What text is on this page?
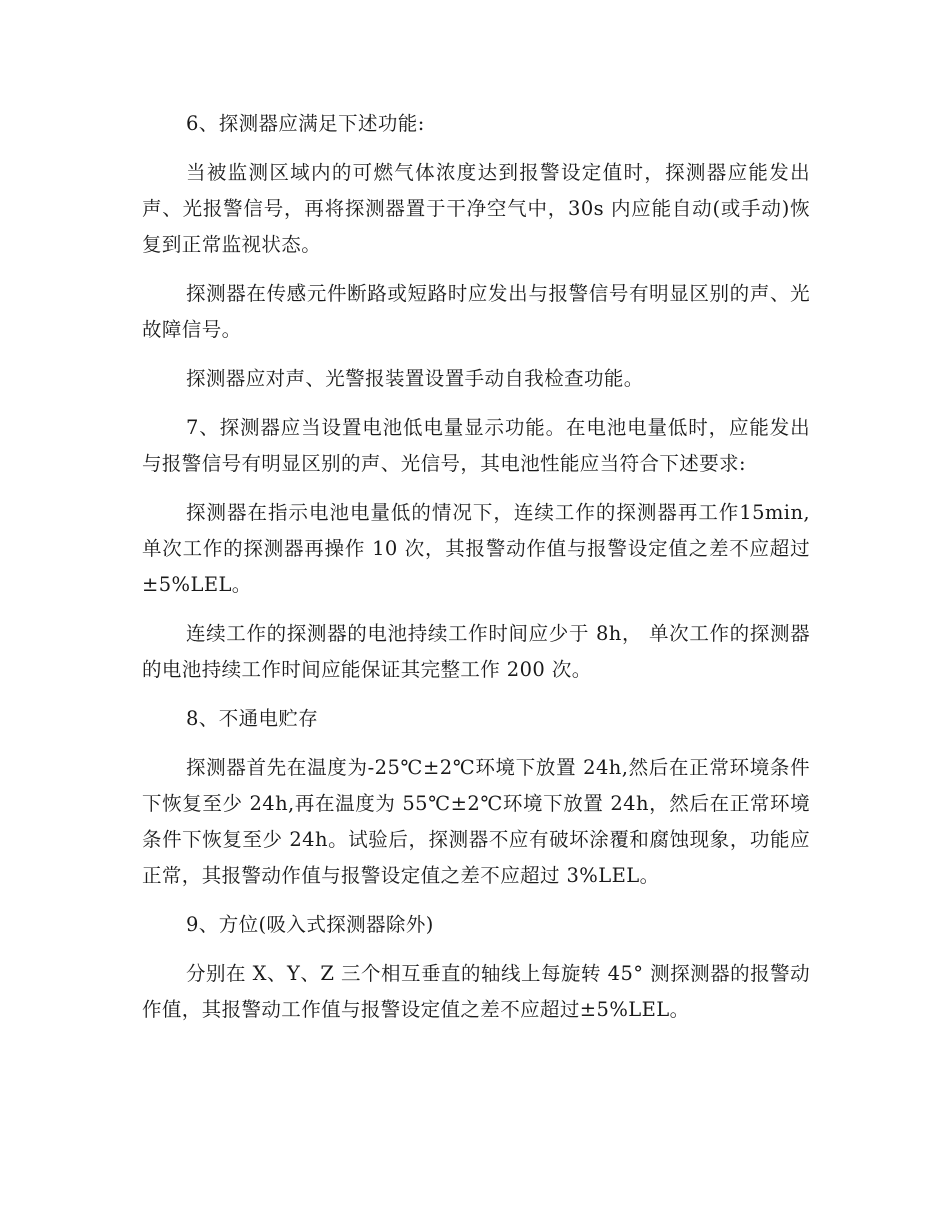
6、探测器应满足下述功能:

当被监测区域内的可燃气体浓度达到报警设定值时，探测器应能发出声、光报警信号，再将探测器置于干净空气中，30s 内应能自动(或手动)恢复到正常监视状态。

探测器在传感元件断路或短路时应发出与报警信号有明显区别的声、光故障信号。

探测器应对声、光警报装置设置手动自我检查功能。

7、探测器应当设置电池低电量显示功能。在电池电量低时，应能发出与报警信号有明显区别的声、光信号，其电池性能应当符合下述要求:

探测器在指示电池电量低的情况下，连续工作的探测器再工作15min,单次工作的探测器再操作 10 次，其报警动作值与报警设定值之差不应超过±5%LEL。

连续工作的探测器的电池持续工作时间应少于 8h， 单次工作的探测器的电池持续工作时间应能保证其完整工作 200 次。

8、不通电贮存

探测器首先在温度为-25℃±2℃环境下放置 24h,然后在正常环境条件下恢复至少 24h,再在温度为 55℃±2℃环境下放置 24h，然后在正常环境条件下恢复至少 24h。试验后，探测器不应有破坏涂覆和腐蚀现象，功能应正常，其报警动作值与报警设定值之差不应超过 3%LEL。

9、方位(吸入式探测器除外)

分别在 X、Y、Z 三个相互垂直的轴线上每旋转 45° 测探测器的报警动作值，其报警动工作值与报警设定值之差不应超过±5%LEL。
